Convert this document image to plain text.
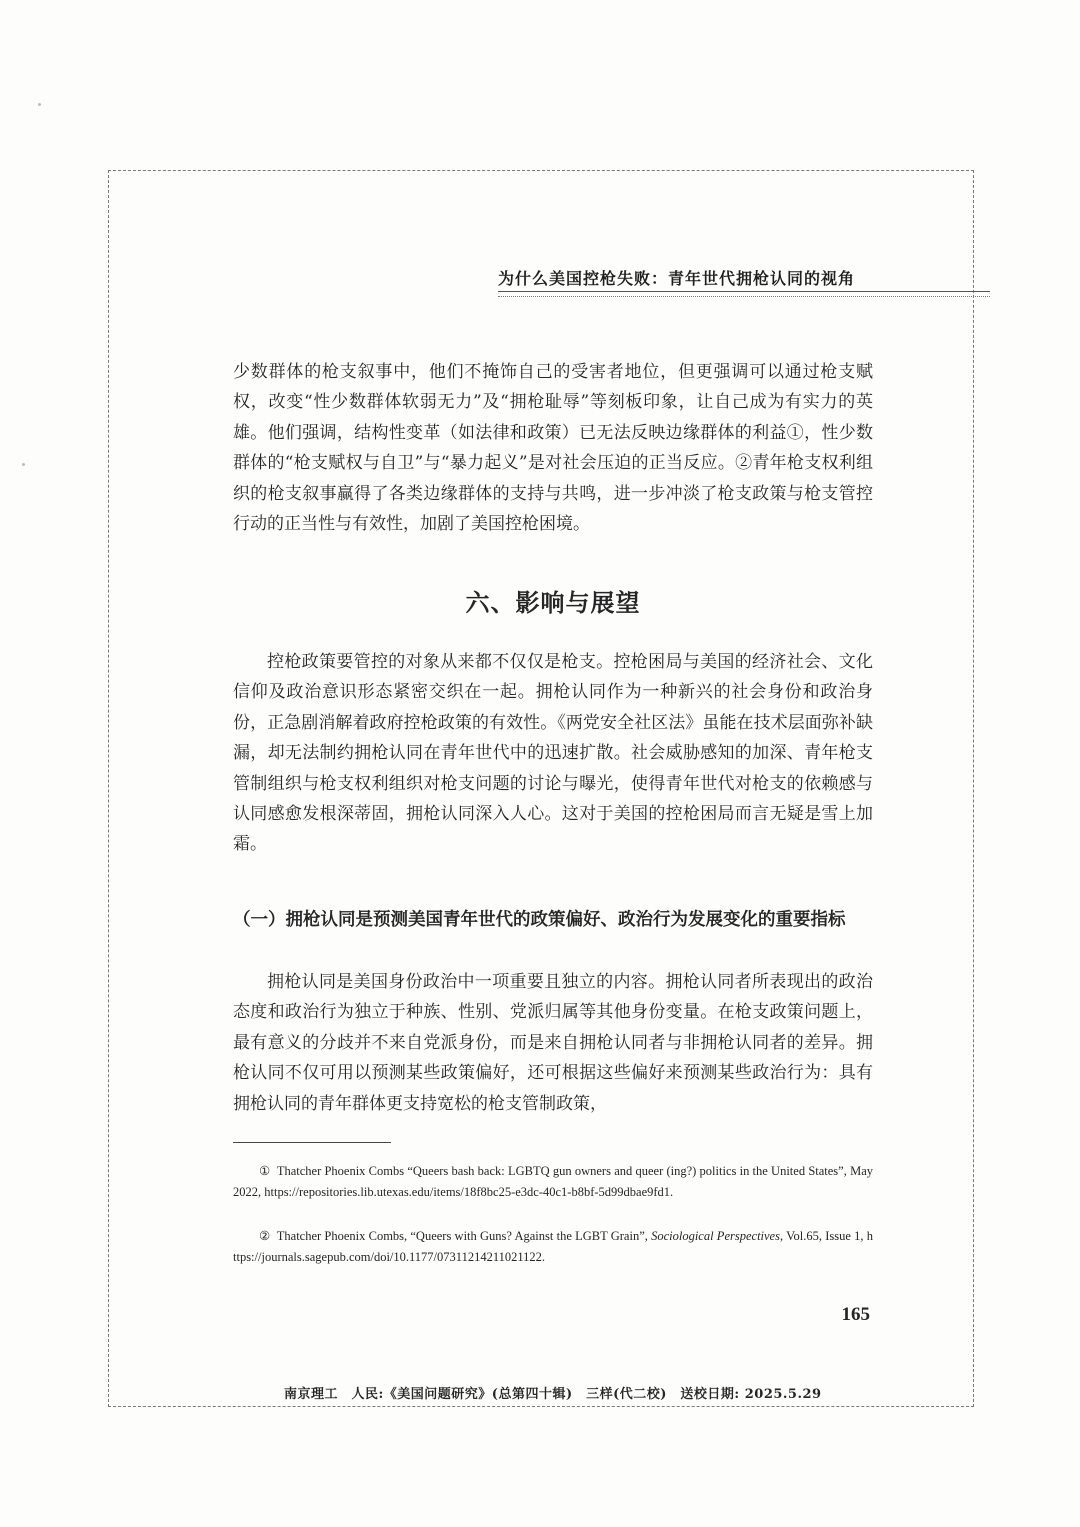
为什么美国控枪失败：青年世代拥枪认同的视角

少数群体的枪支叙事中，他们不掩饰自己的受害者地位，但更强调可以通过枪支赋权，改变“性少数群体软弱无力”及“拥枪耻辱”等刻板印象，让自己成为有实力的英雄。他们强调，结构性变革（如法律和政策）已无法反映边缘群体的利益①，性少数群体的“枪支赋权与自卫”与“暴力起义”是对社会压迫的正当反应。②青年枪支权利组织的枪支叙事赢得了各类边缘群体的支持与共鸣，进一步冲淡了枪支政策与枪支管控行动的正当性与有效性，加剧了美国控枪困境。

六、影响与展望

控枪政策要管控的对象从来都不仅仅是枪支。控枪困局与美国的经济社会、文化信仰及政治意识形态紧密交织在一起。拥枪认同作为一种新兴的社会身份和政治身份，正急剧消解着政府控枪政策的有效性。《两党安全社区法》虽能在技术层面弥补缺漏，却无法制约拥枪认同在青年世代中的迅速扩散。社会威胁感知的加深、青年枪支管制组织与枪支权利组织对枪支问题的讨论与曝光，使得青年世代对枪支的依赖感与认同感愈发根深蒂固，拥枪认同深入人心。这对于美国的控枪困局而言无疑是雪上加霜。

（一）拥枪认同是预测美国青年世代的政策偏好、政治行为发展变化的重要指标

拥枪认同是美国身份政治中一项重要且独立的内容。拥枪认同者所表现出的政治态度和政治行为独立于种族、性别、党派归属等其他身份变量。在枪支政策问题上，最有意义的分歧并不来自党派身份，而是来自拥枪认同者与非拥枪认同者的差异。拥枪认同不仅可用以预测某些政策偏好，还可根据这些偏好来预测某些政治行为：具有拥枪认同的青年群体更支持宽松的枪支管制政策，

① Thatcher Phoenix Combs “Queers bash back: LGBTQ gun owners and queer (ing?) politics in the United States”, May 2022, https://repositories.lib.utexas.edu/items/18f8bc25-e3dc-40c1-b8bf-5d99dbae9fd1.

② Thatcher Phoenix Combs, “Queers with Guns? Against the LGBT Grain”, Sociological Perspectives, Vol.65, Issue 1, https://journals.sagepub.com/doi/10.1177/07311214211021122.

165
南京理工　人民:《美国问题研究》(总第四十辑)　三样(代二校)　送校日期: 2025.5.29
